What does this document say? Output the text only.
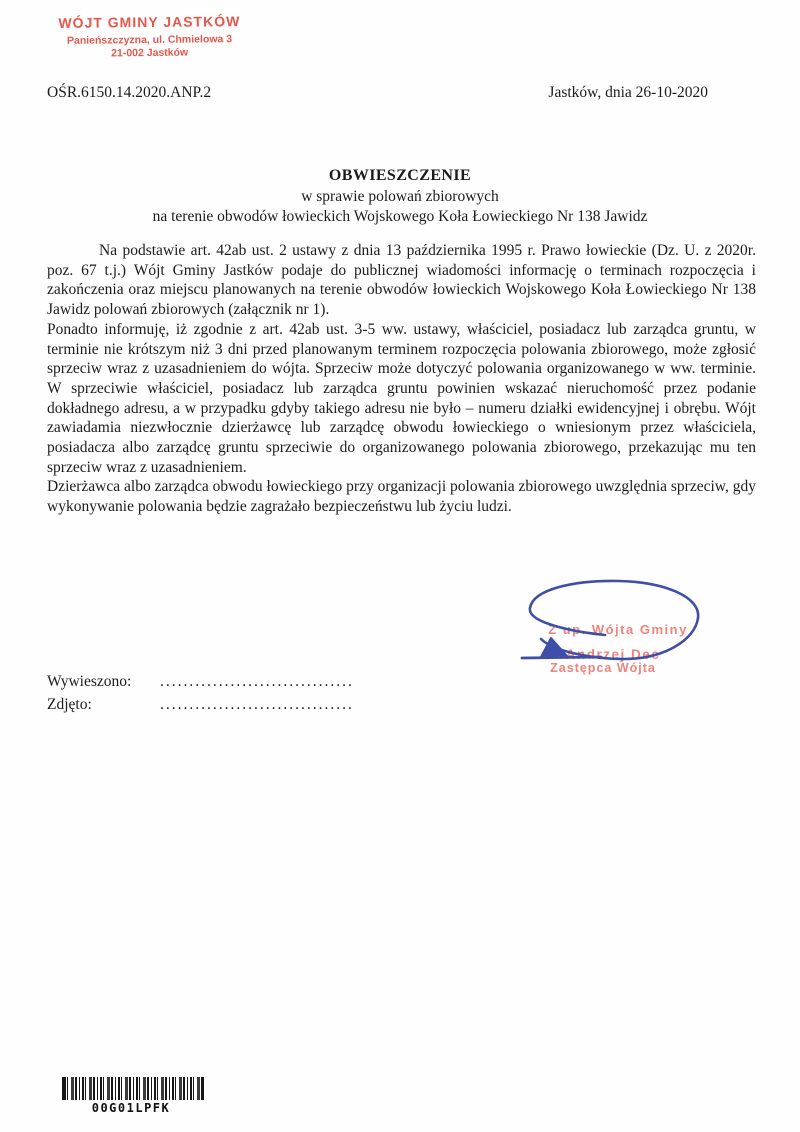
WÓJT GMINY JASTKÓW
Panieńszczyzna, ul. Chmielowa 3
21-002 Jastków
OŚR.6150.14.2020.ANP.2	Jastków, dnia 26-10-2020
OBWIESZCZENIE
w sprawie polowań zbiorowych
na terenie obwodów łowieckich Wojskowego Koła Łowieckiego Nr 138 Jawidz

Na podstawie art. 42ab ust. 2 ustawy z dnia 13 października 1995 r. Prawo łowieckie (Dz. U. z 2020r. poz. 67 t.j.) Wójt Gminy Jastków podaje do publicznej wiadomości informację o terminach rozpoczęcia i zakończenia oraz miejscu planowanych na terenie obwodów łowieckich Wojskowego Koła Łowieckiego Nr 138 Jawidz polowań zbiorowych (załącznik nr 1).

Ponadto informuję, iż zgodnie z art. 42ab ust. 3-5 ww. ustawy, właściciel, posiadacz lub zarządca gruntu, w terminie nie krótszym niż 3 dni przed planowanym terminem rozpoczęcia polowania zbiorowego, może zgłosić sprzeciw wraz z uzasadnieniem do wójta. Sprzeciw może dotyczyć polowania organizowanego w ww. terminie. W sprzeciwie właściciel, posiadacz lub zarządca gruntu powinien wskazać nieruchomość przez podanie dokładnego adresu, a w przypadku gdyby takiego adresu nie było – numeru działki ewidencyjnej i obrębu. Wójt zawiadamia niezwłocznie dzierżawcę lub zarządcę obwodu łowieckiego o wniesionym przez właściciela, posiadacza albo zarządcę gruntu sprzeciwie do organizowanego polowania zbiorowego, przekazując mu ten sprzeciw wraz z uzasadnieniem.

Dzierżawca albo zarządca obwodu łowieckiego przy organizacji polowania zbiorowego uwzględnia sprzeciw, gdy wykonywanie polowania będzie zagrażało bezpieczeństwu lub życiu ludzi.

Z up. Wójta Gminy
Andrzej Dec
Zastępca Wójta
Wywieszono:	.................................
Zdjęto:	.................................
00G01LPFK
